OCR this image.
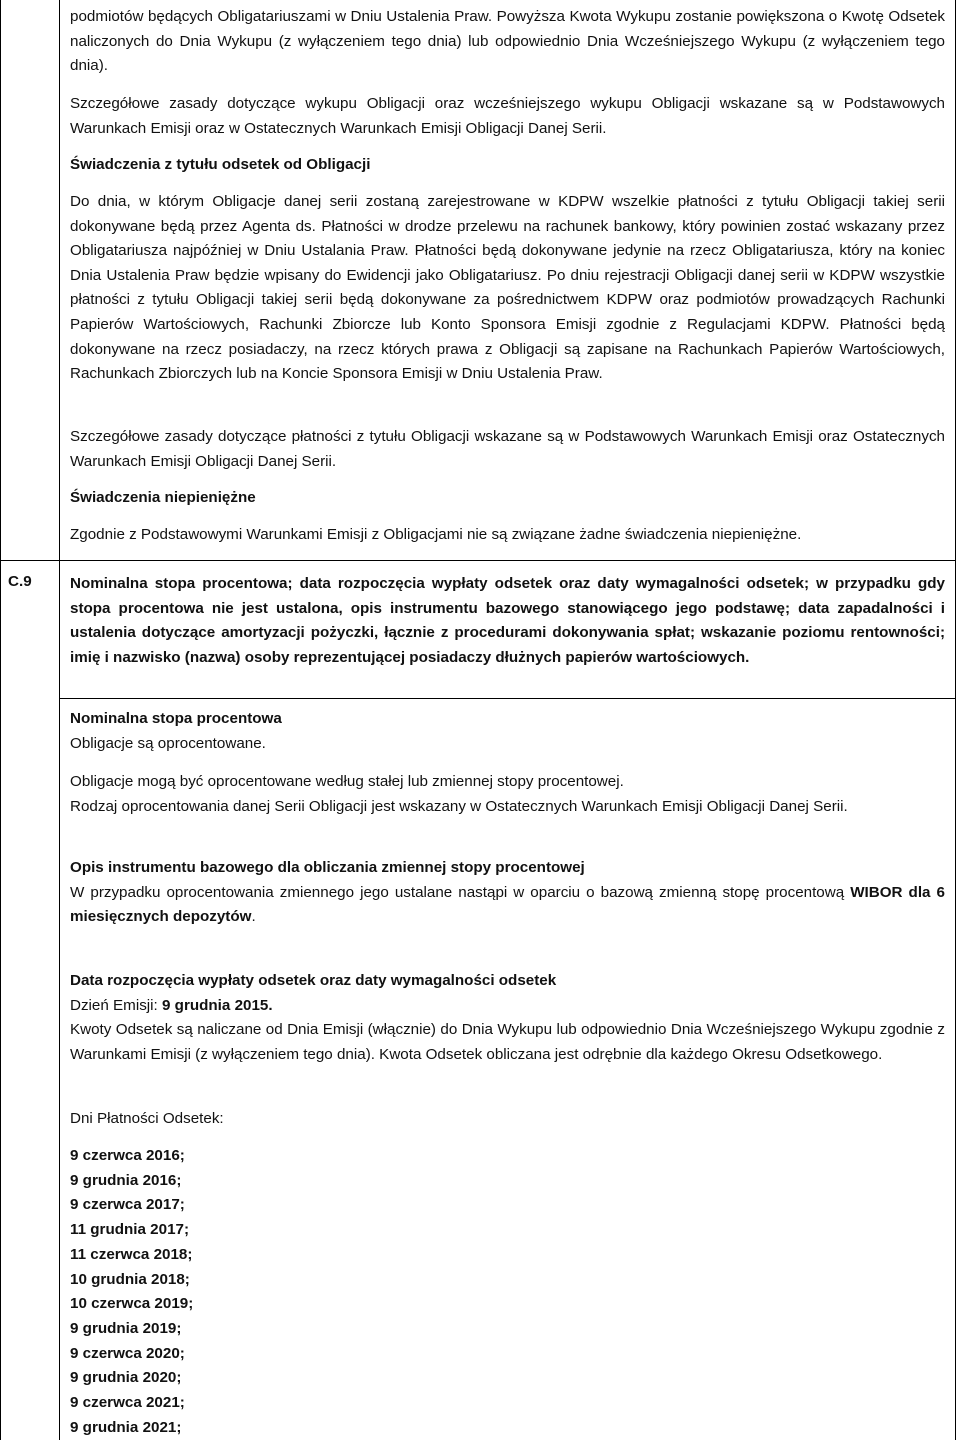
podmiotów będących Obligatariuszami w Dniu Ustalenia Praw. Powyższa Kwota Wykupu zostanie powiększona o Kwotę Odsetek naliczonych do Dnia Wykupu (z wyłączeniem tego dnia) lub odpowiednio Dnia Wcześniejszego Wykupu (z wyłączeniem tego dnia).

Szczegółowe zasady dotyczące wykupu Obligacji oraz wcześniejszego wykupu Obligacji wskazane są w Podstawowych Warunkach Emisji oraz w Ostatecznych Warunkach Emisji Obligacji Danej Serii.

Świadczenia z tytułu odsetek od Obligacji

Do dnia, w którym Obligacje danej serii zostaną zarejestrowane w KDPW wszelkie płatności z tytułu Obligacji takiej serii dokonywane będą przez Agenta ds. Płatności w drodze przelewu na rachunek bankowy, który powinien zostać wskazany przez Obligatariusza najpóźniej w Dniu Ustalania Praw. Płatności będą dokonywane jedynie na rzecz Obligatariusza, który na koniec Dnia Ustalenia Praw będzie wpisany do Ewidencji jako Obligatariusz. Po dniu rejestracji Obligacji danej serii w KDPW wszystkie płatności z tytułu Obligacji takiej serii będą dokonywane za pośrednictwem KDPW oraz podmiotów prowadzących Rachunki Papierów Wartościowych, Rachunki Zbiorcze lub Konto Sponsora Emisji zgodnie z Regulacjami KDPW. Płatności będą dokonywane na rzecz posiadaczy, na rzecz których prawa z Obligacji są zapisane na Rachunkach Papierów Wartościowych, Rachunkach Zbiorczych lub na Koncie Sponsora Emisji w Dniu Ustalenia Praw.

Szczegółowe zasady dotyczące płatności z tytułu Obligacji wskazane są w Podstawowych Warunkach Emisji oraz Ostatecznych Warunkach Emisji Obligacji Danej Serii.

Świadczenia niepieniężne

Zgodnie z Podstawowymi Warunkami Emisji z Obligacjami nie są związane żadne świadczenia niepieniężne.

C.9	Nominalna stopa procentowa; data rozpoczęcia wypłaty odsetek oraz daty wymagalności odsetek; w przypadku gdy stopa procentowa nie jest ustalona, opis instrumentu bazowego stanowiącego jego podstawę; data zapadalności i ustalenia dotyczące amortyzacji pożyczki, łącznie z procedurami dokonywania spłat; wskazanie poziomu rentowności; imię i nazwisko (nazwa) osoby reprezentującej posiadaczy dłużnych papierów wartościowych.

Nominalna stopa procentowa

Obligacje są oprocentowane.

Obligacje mogą być oprocentowane według stałej lub zmiennej stopy procentowej.

Rodzaj oprocentowania danej Serii Obligacji jest wskazany w Ostatecznych Warunkach Emisji Obligacji Danej Serii.

Opis instrumentu bazowego dla obliczania zmiennej stopy procentowej

W przypadku oprocentowania zmiennego jego ustalane nastąpi w oparciu o bazową zmienną stopę procentową WIBOR dla 6 miesięcznych depozytów.

Data rozpoczęcia wypłaty odsetek oraz daty wymagalności odsetek

Dzień Emisji: 9 grudnia 2015.

Kwoty Odsetek są naliczane od Dnia Emisji (włącznie) do Dnia Wykupu lub odpowiednio Dnia Wcześniejszego Wykupu zgodnie z Warunkami Emisji (z wyłączeniem tego dnia). Kwota Odsetek obliczana jest odrębnie dla każdego Okresu Odsetkowego.

Dni Płatności Odsetek:

9 czerwca 2016;
9 grudnia 2016;
9 czerwca 2017;
11 grudnia 2017;
11 czerwca 2018;
10 grudnia 2018;
10 czerwca 2019;
9 grudnia 2019;
9 czerwca 2020;
9 grudnia 2020;
9 czerwca 2021;
9 grudnia 2021;
